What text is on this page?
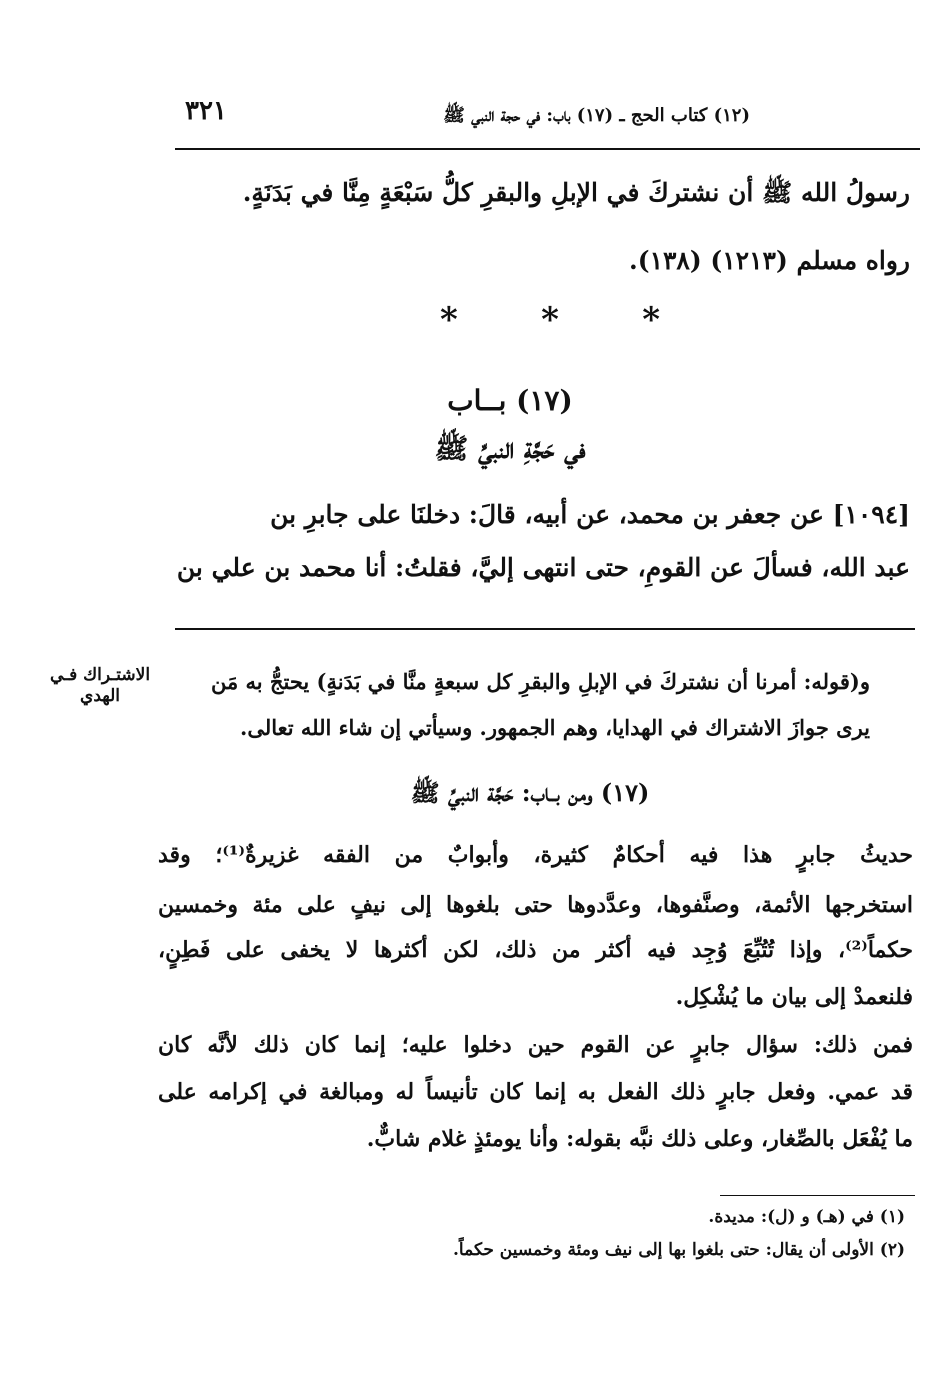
٣٢١	(١٢) كتاب الحج ـ (١٧) باب: في حجة النبي ﷺ
رسولُ الله ﷺ أن نشتركَ في الإبلِ والبقرِ كلُّ سَبْعَةٍ مِنَّا في بَدَنَةٍ.
رواه مسلم (١٢١٣) (١٣٨).
* * *
(١٧) بــاب
في حَجَّةِ النبيِّ ﷺ
[١٠٩٤] عن جعفر بن محمد، عن أبيه، قالَ: دخلنَا على جابرِ بن
عبد الله، فسألَ عن القومِ، حتى انتهى إليَّ، فقلتُ: أنا محمد بن علي بن
الاشتـراك فـي الهدي
و(قوله: أمرنا أن نشتركَ في الإبلِ والبقرِ كل سبعةٍ منَّا في بَدَنةٍ) يحتجُّ به مَن
يرى جوازَ الاشتراك في الهدايا، وهم الجمهور. وسيأتي إن شاء الله تعالى.
(١٧) ومن بــاب: حَجَّة النبيِّ ﷺ
حديثُ جابرٍ هذا فيه أحكامٌ كثيرة، وأبوابٌ من الفقه غزيرةٌ⁽¹⁾؛ وقد
استخرجها الأئمة، وصنَّفوها، وعدَّدوها حتى بلغوها إلى نيفٍ على مئة وخمسين
حكماً⁽²⁾، وإذا تُتُبِّعَ وُجِد فيه أكثر من ذلك، لكن أكثرها لا يخفى على فَطِنٍ،
فلنعمدْ إلى بيان ما يُشْكِل.
فمن ذلك: سؤال جابرٍ عن القوم حين دخلوا عليه؛ إنما كان ذلك لأنَّه كان
قد عمي. وفعل جابرٍ ذلك الفعل به إنما كان تأنيساً له ومبالغة في إكرامه على
ما يُفْعَل بالصِّغار، وعلى ذلك نبَّه بقوله: وأنا يومئذٍ غلام شابٌّ.
(١) في (هـ) و (ل): مديدة.
(٢) الأولى أن يقال: حتى بلغوا بها إلى نيف ومئة وخمسين حكماً.
